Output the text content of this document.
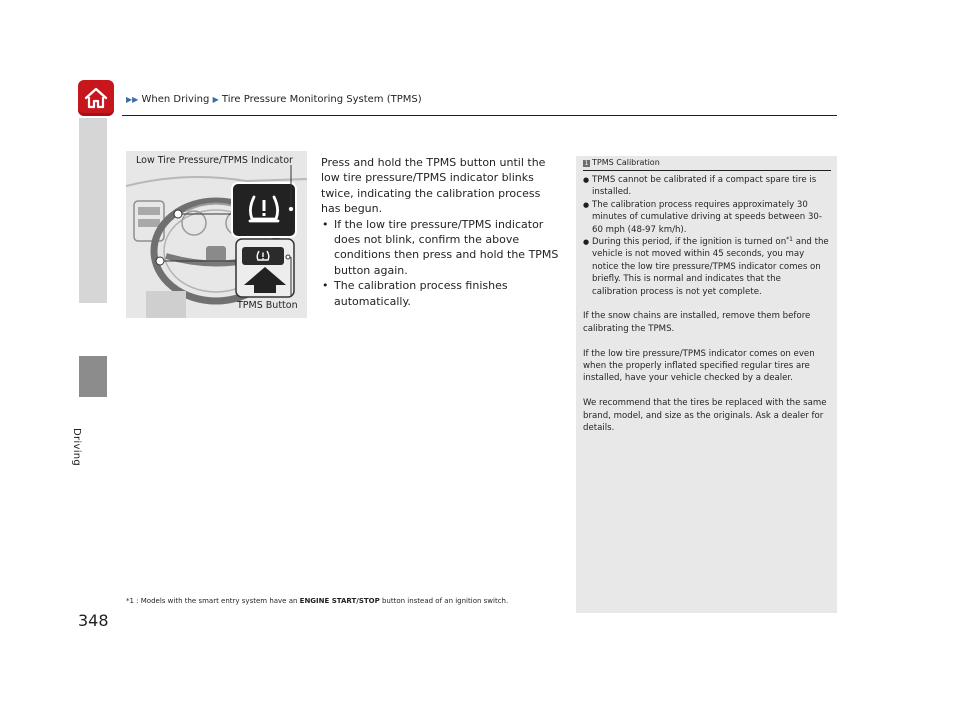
▶▶ When Driving ▶ Tire Pressure Monitoring System (TPMS)
Driving
Low Tire Pressure/TPMS Indicator
TPMS Button

Press and hold the TPMS button until the low tire pressure/TPMS indicator blinks twice, indicating the calibration process has begun.

• If the low tire pressure/TPMS indicator does not blink, confirm the above conditions then press and hold the TPMS button again.
• The calibration process finishes automatically.
1 TPMS Calibration
● TPMS cannot be calibrated if a compact spare tire is installed.
● The calibration process requires approximately 30 minutes of cumulative driving at speeds between 30-60 mph (48-97 km/h).
● During this period, if the ignition is turned $on^{*1}$ and the vehicle is not moved within 45 seconds, you may notice the low tire pressure/TPMS indicator comes on briefly. This is normal and indicates that the calibration process is not yet complete.

If the snow chains are installed, remove them before calibrating the TPMS.

If the low tire pressure/TPMS indicator comes on even when the properly inflated specified regular tires are installed, have your vehicle checked by a dealer.

We recommend that the tires be replaced with the same brand, model, and size as the originals. Ask a dealer for details.

*1 : Models with the smart entry system have an ENGINE START/STOP button instead of an ignition switch.
348
